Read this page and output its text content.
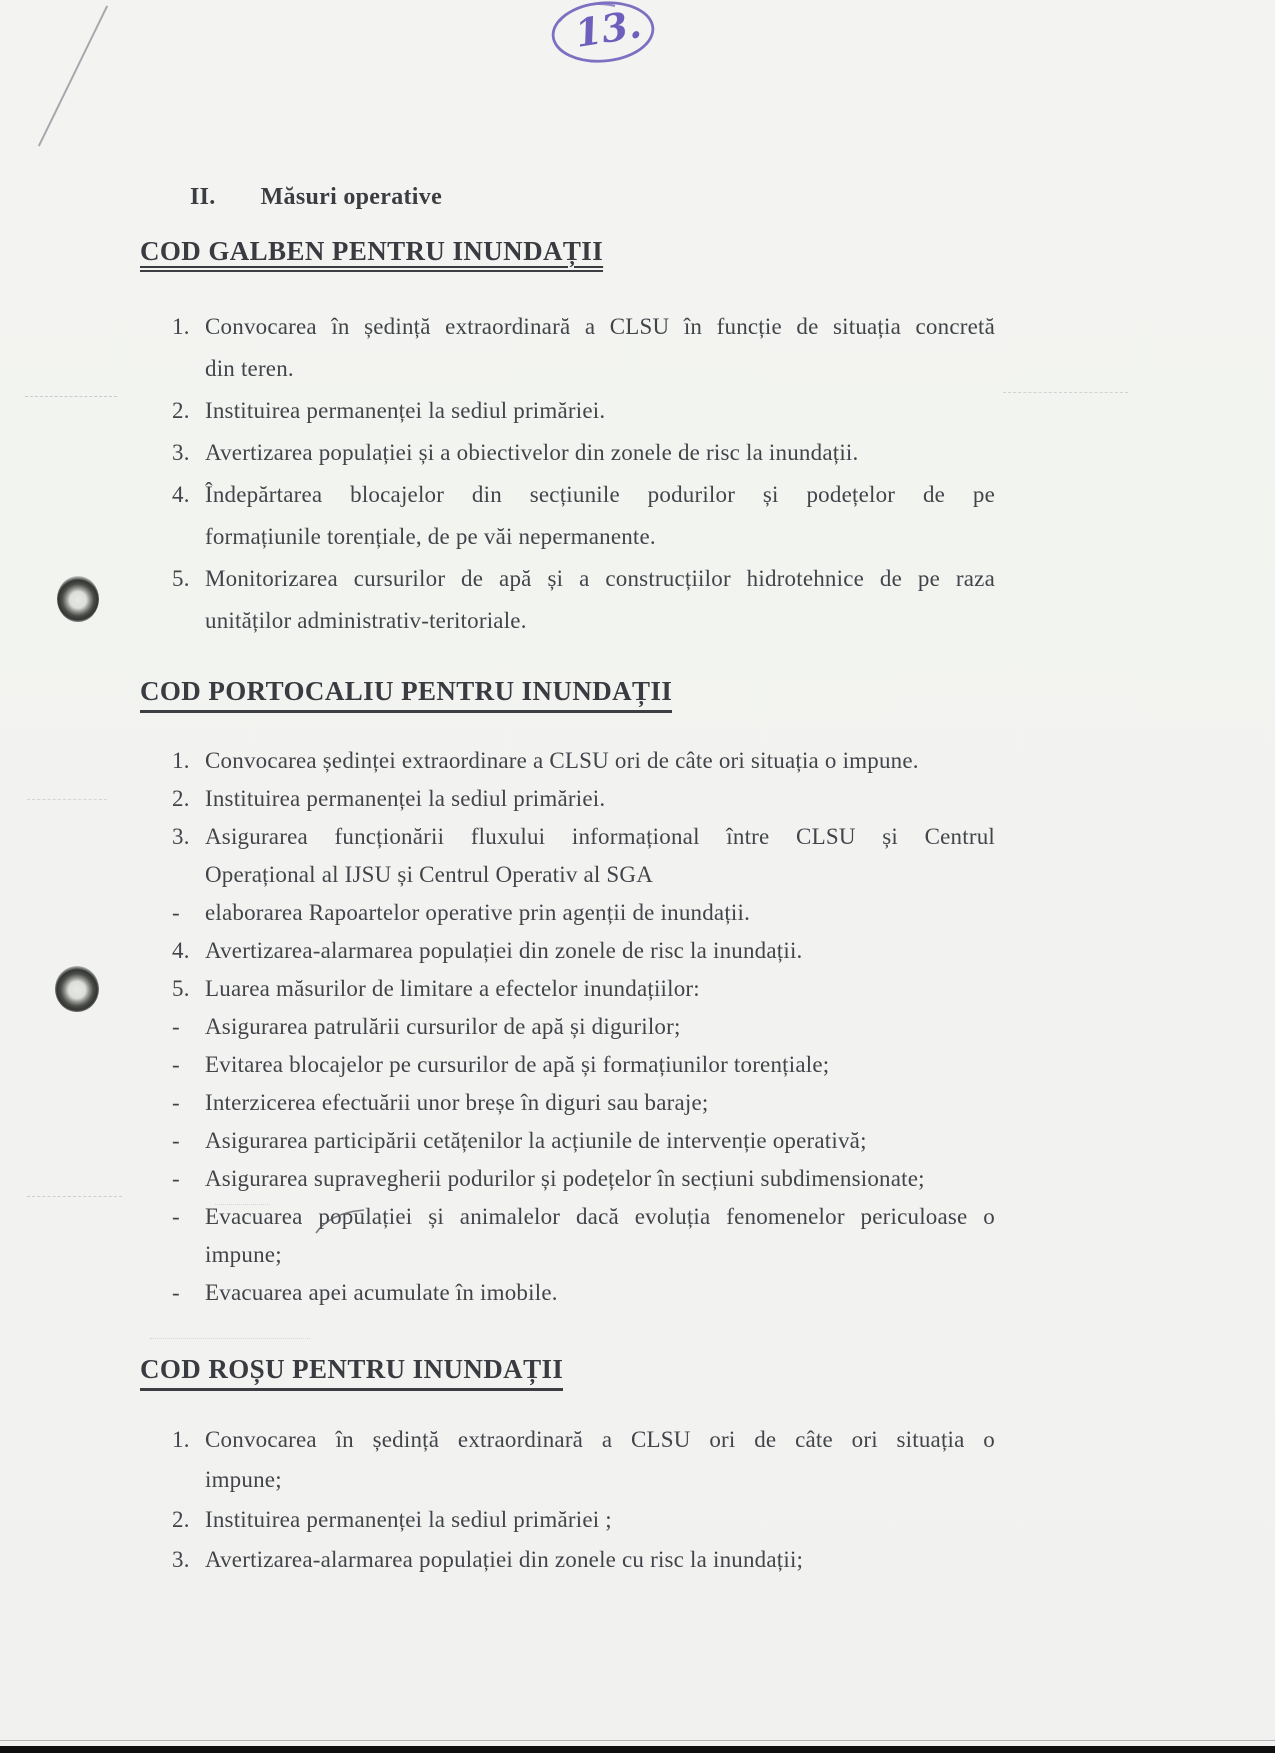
13.
II. Măsuri operative
COD GALBEN PENTRU INUNDAȚII
1. Convocarea în ședință extraordinară a CLSU în funcție de situația concretă
din teren.
2. Instituirea permanenței la sediul primăriei.
3. Avertizarea populației și a obiectivelor din zonele de risc la inundații.
4. Îndepărtarea blocajelor din secțiunile podurilor și podețelor de pe
formațiunile torențiale, de pe văi nepermanente.
5. Monitorizarea cursurilor de apă și a construcțiilor hidrotehnice de pe raza
unităților administrativ-teritoriale.
COD PORTOCALIU PENTRU INUNDAȚII
1. Convocarea ședinței extraordinare a CLSU ori de câte ori situația o impune.
2. Instituirea permanenței la sediul primăriei.
3. Asigurarea funcționării fluxului informațional între CLSU și Centrul
Operațional al IJSU și Centrul Operativ al SGA
-	elaborarea Rapoartelor operative prin agenții de inundații.
4. Avertizarea-alarmarea populației din zonele de risc la inundații.
5. Luarea măsurilor de limitare a efectelor inundațiilor:
-	Asigurarea patrulării cursurilor de apă și digurilor;
-	Evitarea blocajelor pe cursurilor de apă și formațiunilor torențiale;
-	Interzicerea efectuării unor breșe în diguri sau baraje;
-	Asigurarea participării cetățenilor la acțiunile de intervenție operativă;
-	Asigurarea supravegherii podurilor și podețelor în secțiuni subdimensionate;
-	Evacuarea populației și animalelor dacă evoluția fenomenelor periculoase o
impune;
-	Evacuarea apei acumulate în imobile.
COD ROȘU PENTRU INUNDAȚII
1. Convocarea în ședință extraordinară a CLSU ori de câte ori situația o
impune;
2. Instituirea permanenței la sediul primăriei ;
3. Avertizarea-alarmarea populației din zonele cu risc la inundații;
